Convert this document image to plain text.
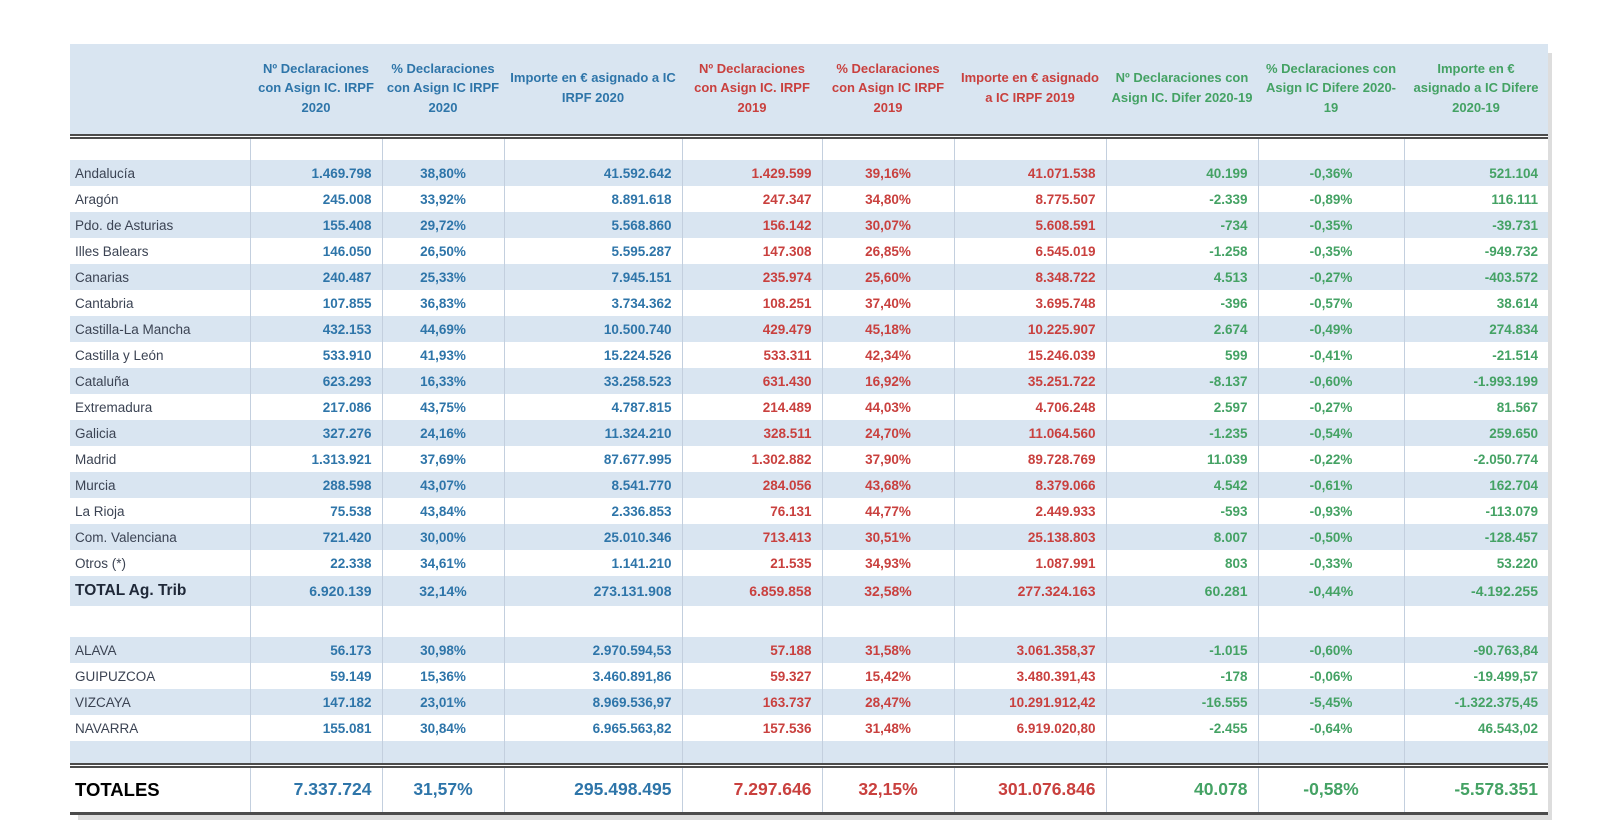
	Nº Declaraciones con Asign IC. IRPF 2020	% Declaraciones con Asign IC IRPF 2020	Importe en € asignado a IC IRPF 2020	Nº Declaraciones con Asign IC. IRPF 2019	% Declaraciones con Asign IC IRPF 2019	Importe en € asignado a IC IRPF 2019	Nº Declaraciones con Asign IC. Difer 2020-19	% Declaraciones con Asign IC Difere 2020-19	Importe en € asignado a IC Difere 2020-19

Andalucía	1.469.798	38,80%	41.592.642	1.429.599	39,16%	41.071.538	40.199	-0,36%	521.104
Aragón	245.008	33,92%	8.891.618	247.347	34,80%	8.775.507	-2.339	-0,89%	116.111
Pdo. de Asturias	155.408	29,72%	5.568.860	156.142	30,07%	5.608.591	-734	-0,35%	-39.731
Illes Balears	146.050	26,50%	5.595.287	147.308	26,85%	6.545.019	-1.258	-0,35%	-949.732
Canarias	240.487	25,33%	7.945.151	235.974	25,60%	8.348.722	4.513	-0,27%	-403.572
Cantabria	107.855	36,83%	3.734.362	108.251	37,40%	3.695.748	-396	-0,57%	38.614
Castilla-La Mancha	432.153	44,69%	10.500.740	429.479	45,18%	10.225.907	2.674	-0,49%	274.834
Castilla y León	533.910	41,93%	15.224.526	533.311	42,34%	15.246.039	599	-0,41%	-21.514
Cataluña	623.293	16,33%	33.258.523	631.430	16,92%	35.251.722	-8.137	-0,60%	-1.993.199
Extremadura	217.086	43,75%	4.787.815	214.489	44,03%	4.706.248	2.597	-0,27%	81.567
Galicia	327.276	24,16%	11.324.210	328.511	24,70%	11.064.560	-1.235	-0,54%	259.650
Madrid	1.313.921	37,69%	87.677.995	1.302.882	37,90%	89.728.769	11.039	-0,22%	-2.050.774
Murcia	288.598	43,07%	8.541.770	284.056	43,68%	8.379.066	4.542	-0,61%	162.704
La Rioja	75.538	43,84%	2.336.853	76.131	44,77%	2.449.933	-593	-0,93%	-113.079
Com. Valenciana	721.420	30,00%	25.010.346	713.413	30,51%	25.138.803	8.007	-0,50%	-128.457
Otros (*)	22.338	34,61%	1.141.210	21.535	34,93%	1.087.991	803	-0,33%	53.220
TOTAL Ag. Trib	6.920.139	32,14%	273.131.908	6.859.858	32,58%	277.324.163	60.281	-0,44%	-4.192.255

ALAVA	56.173	30,98%	2.970.594,53	57.188	31,58%	3.061.358,37	-1.015	-0,60%	-90.763,84
GUIPUZCOA	59.149	15,36%	3.460.891,86	59.327	15,42%	3.480.391,43	-178	-0,06%	-19.499,57
VIZCAYA	147.182	23,01%	8.969.536,97	163.737	28,47%	10.291.912,42	-16.555	-5,45%	-1.322.375,45
NAVARRA	155.081	30,84%	6.965.563,82	157.536	31,48%	6.919.020,80	-2.455	-0,64%	46.543,02

TOTALES	7.337.724	31,57%	295.498.495	7.297.646	32,15%	301.076.846	40.078	-0,58%	-5.578.351
